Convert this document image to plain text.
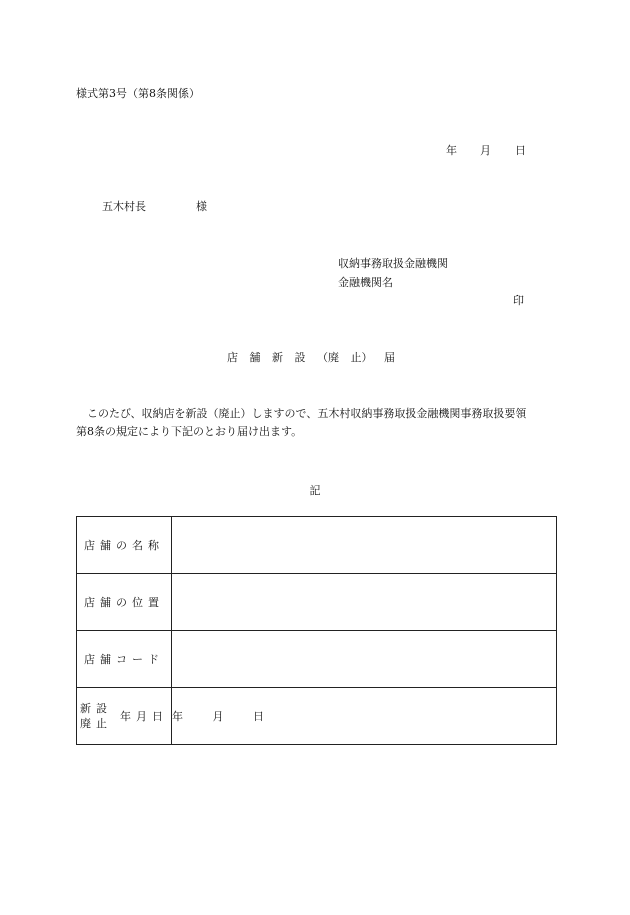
様式第3号（第8条関係）
年 月 日
五木村長	様
収納事務取扱金融機関
金融機関名
印
店 舗 新 設 （廃 止） 届

　このたび、収納店を新設（廃止）しますので、五木村収納事務取扱金融機関事務取扱要領

第8条の規定により下記のとおり届け出ます。

記
店舗の名称	
店舗の位置	
店舗コード	

新設
廃止
年月日	年 月 日
